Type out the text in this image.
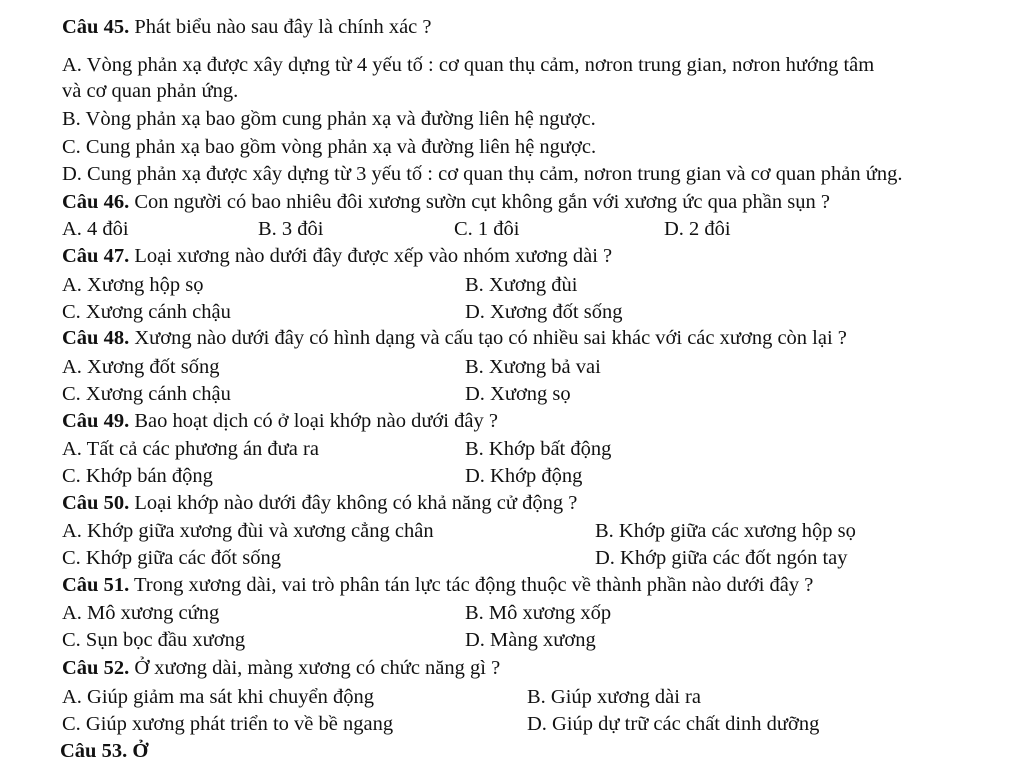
Câu 45. Phát biểu nào sau đây là chính xác ?
A. Vòng phản xạ được xây dựng từ 4 yếu tố : cơ quan thụ cảm, nơron trung gian, nơron hướng tâm
và cơ quan phản ứng.
B. Vòng phản xạ bao gồm cung phản xạ và đường liên hệ ngược.
C. Cung phản xạ bao gồm vòng phản xạ và đường liên hệ ngược.
D. Cung phản xạ được xây dựng từ 3 yếu tố : cơ quan thụ cảm, nơron trung gian và cơ quan phản ứng.
Câu 46. Con người có bao nhiêu đôi xương sườn cụt không gắn với xương ức qua phần sụn ?
A. 4 đôi	B. 3 đôi	C. 1 đôi	D. 2 đôi
Câu 47. Loại xương nào dưới đây được xếp vào nhóm xương dài ?
A. Xương hộp sọ	B. Xương đùi
C. Xương cánh chậu	D. Xương đốt sống
Câu 48. Xương nào dưới đây có hình dạng và cấu tạo có nhiều sai khác với các xương còn lại ?
A. Xương đốt sống	B. Xương bả vai
C. Xương cánh chậu	D. Xương sọ
Câu 49. Bao hoạt dịch có ở loại khớp nào dưới đây ?
A. Tất cả các phương án đưa ra	B. Khớp bất động
C. Khớp bán động	D. Khớp động
Câu 50. Loại khớp nào dưới đây không có khả năng cử động ?
A. Khớp giữa xương đùi và xương cẳng chân	B. Khớp giữa các xương hộp sọ
C. Khớp giữa các đốt sống	D. Khớp giữa các đốt ngón tay
Câu 51. Trong xương dài, vai trò phân tán lực tác động thuộc về thành phần nào dưới đây ?
A. Mô xương cứng	B. Mô xương xốp
C. Sụn bọc đầu xương	D. Màng xương
Câu 52. Ở xương dài, màng xương có chức năng gì ?
A. Giúp giảm ma sát khi chuyển động	B. Giúp xương dài ra
C. Giúp xương phát triển to về bề ngang	D. Giúp dự trữ các chất dinh dưỡng
Câu 53. Ở
